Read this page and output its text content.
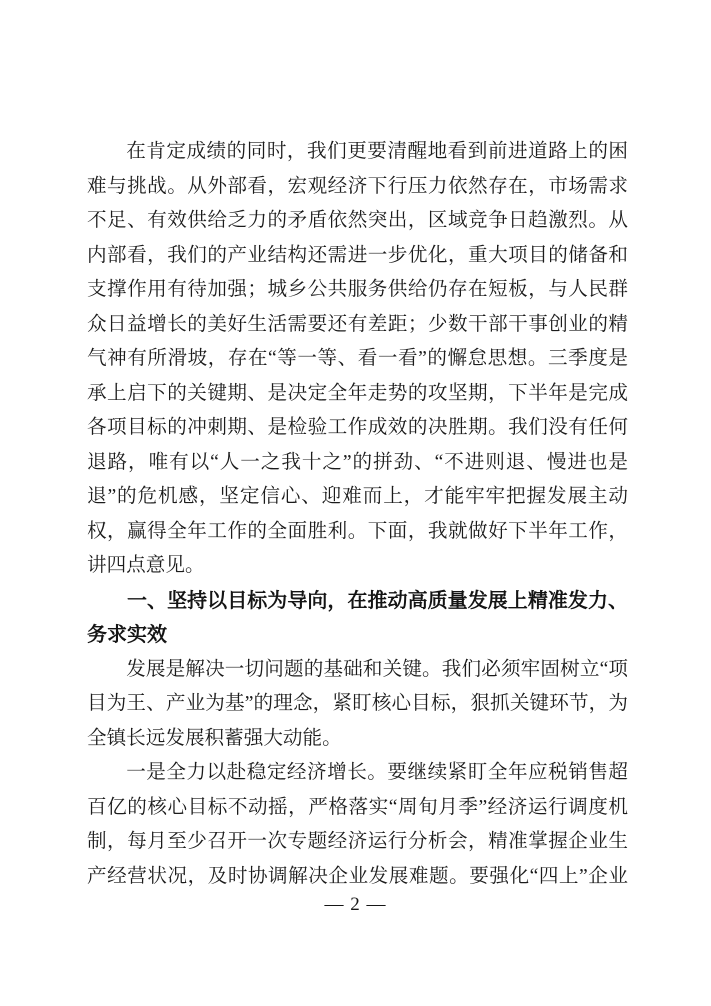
在肯定成绩的同时，我们更要清醒地看到前进道路上的困
难与挑战。从外部看，宏观经济下行压力依然存在，市场需求
不足、有效供给乏力的矛盾依然突出，区域竞争日趋激烈。从
内部看，我们的产业结构还需进一步优化，重大项目的储备和
支撑作用有待加强；城乡公共服务供给仍存在短板，与人民群
众日益增长的美好生活需要还有差距；少数干部干事创业的精
气神有所滑坡，存在“等一等、看一看”的懈怠思想。三季度是
承上启下的关键期、是决定全年走势的攻坚期，下半年是完成
各项目标的冲刺期、是检验工作成效的决胜期。我们没有任何
退路，唯有以“人一之我十之”的拼劲、“不进则退、慢进也是
退”的危机感，坚定信心、迎难而上，才能牢牢把握发展主动
权，赢得全年工作的全面胜利。下面，我就做好下半年工作，
讲四点意见。
一、坚持以目标为导向，在推动高质量发展上精准发力、
务求实效
发展是解决一切问题的基础和关键。我们必须牢固树立“项
目为王、产业为基”的理念，紧盯核心目标，狠抓关键环节，为
全镇长远发展积蓄强大动能。
一是全力以赴稳定经济增长。要继续紧盯全年应税销售超
百亿的核心目标不动摇，严格落实“周旬月季”经济运行调度机
制，每月至少召开一次专题经济运行分析会，精准掌握企业生
产经营状况，及时协调解决企业发展难题。要强化“四上”企业
— 2 —
